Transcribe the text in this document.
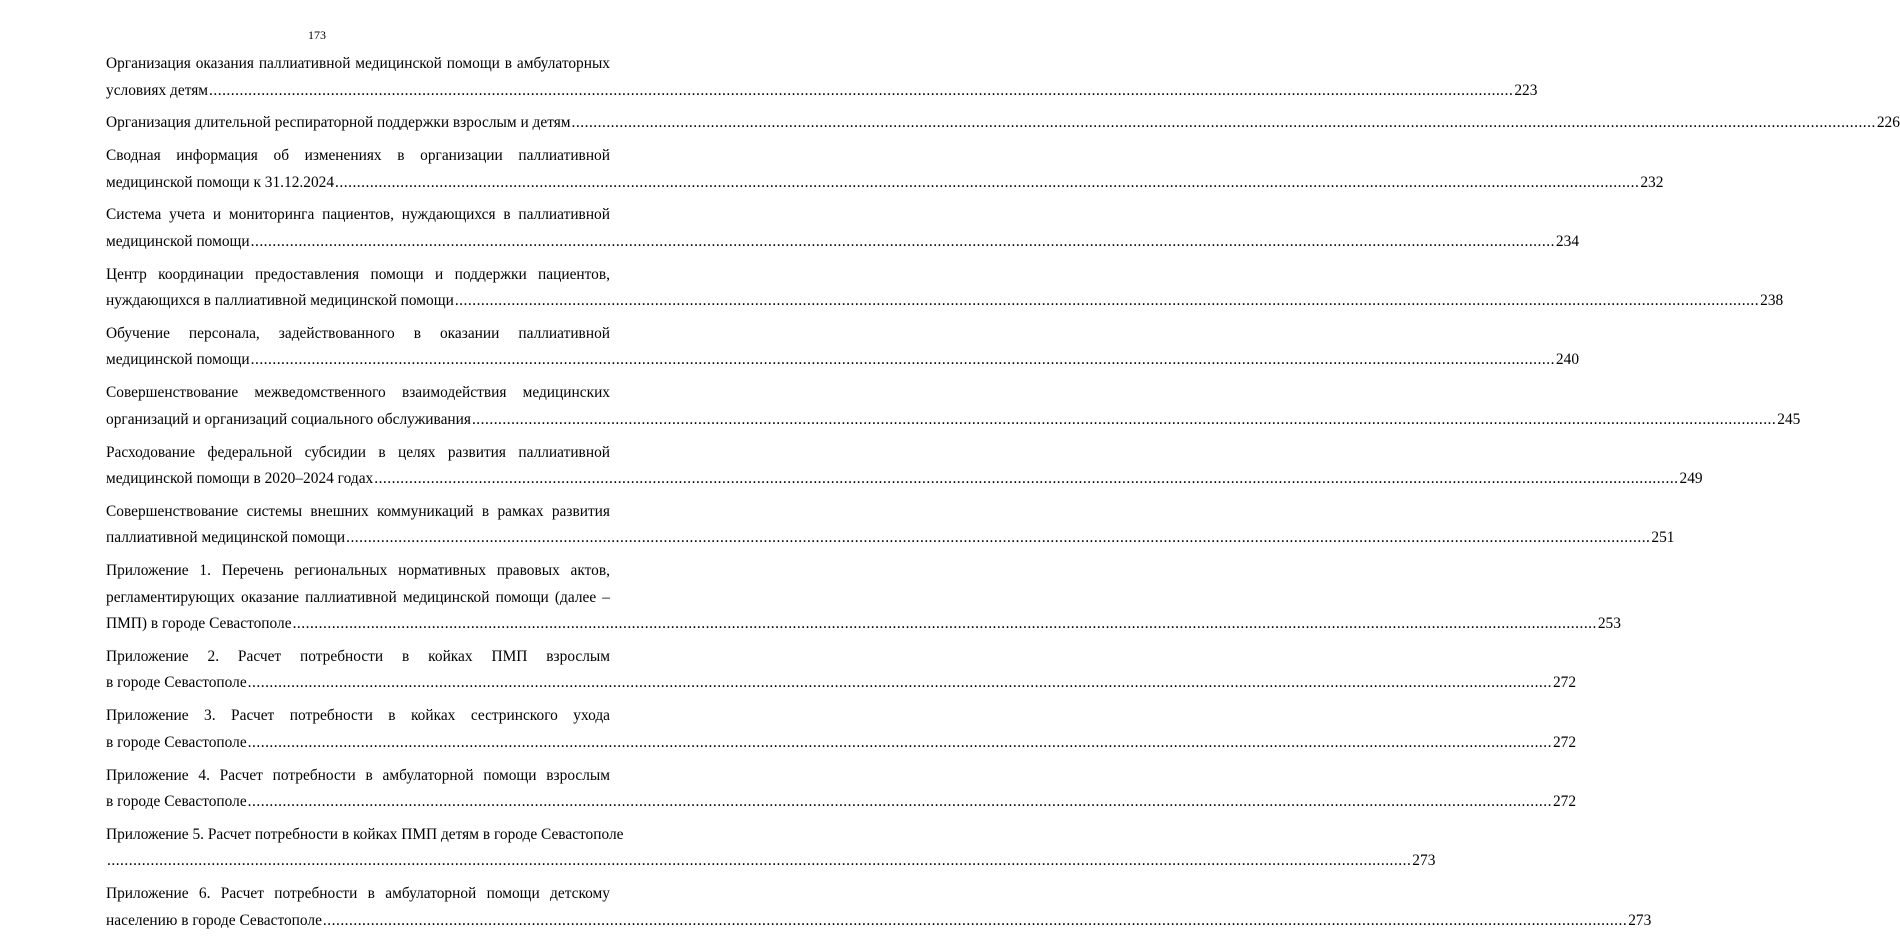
173
Организация оказания паллиативной медицинской помощи в амбулаторных
условиях детям ............................................................................................................................................................................................................................................................................................................ 223
Организация длительной респираторной поддержки взрослым и детям ............................................................................................................................................................................................................................................................................................................ 226
Сводная информация об изменениях в организации паллиативной
медицинской помощи к 31.12.2024 ............................................................................................................................................................................................................................................................................................................ 232
Система учета и мониторинга пациентов, нуждающихся в паллиативной
медицинской помощи ............................................................................................................................................................................................................................................................................................................ 234
Центр координации предоставления помощи и поддержки пациентов,
нуждающихся в паллиативной медицинской помощи ............................................................................................................................................................................................................................................................................................................ 238
Обучение персонала, задействованного в оказании паллиативной
медицинской помощи ............................................................................................................................................................................................................................................................................................................ 240
Совершенствование межведомственного взаимодействия медицинских
организаций и организаций социального обслуживания ............................................................................................................................................................................................................................................................................................................ 245
Расходование федеральной субсидии в целях развития паллиативной
медицинской помощи в 2020–2024 годах ............................................................................................................................................................................................................................................................................................................ 249
Совершенствование системы внешних коммуникаций в рамках развития
паллиативной медицинской помощи ............................................................................................................................................................................................................................................................................................................ 251
Приложение 1. Перечень региональных нормативных правовых актов,
регламентирующих оказание паллиативной медицинской помощи (далее –
ПМП) в городе Севастополе ............................................................................................................................................................................................................................................................................................................ 253
Приложение 2. Расчет потребности в койках ПМП взрослым
в городе Севастополе ............................................................................................................................................................................................................................................................................................................ 272
Приложение 3. Расчет потребности в койках сестринского ухода
в городе Севастополе ............................................................................................................................................................................................................................................................................................................ 272
Приложение 4. Расчет потребности в амбулаторной помощи взрослым
в городе Севастополе ............................................................................................................................................................................................................................................................................................................ 272
Приложение 5. Расчет потребности в койках ПМП детям в городе Севастополе
............................................................................................................................................................................................................................................................................................................ 273
Приложение 6. Расчет потребности в амбулаторной помощи детскому
населению в городе Севастополе ............................................................................................................................................................................................................................................................................................................ 273
